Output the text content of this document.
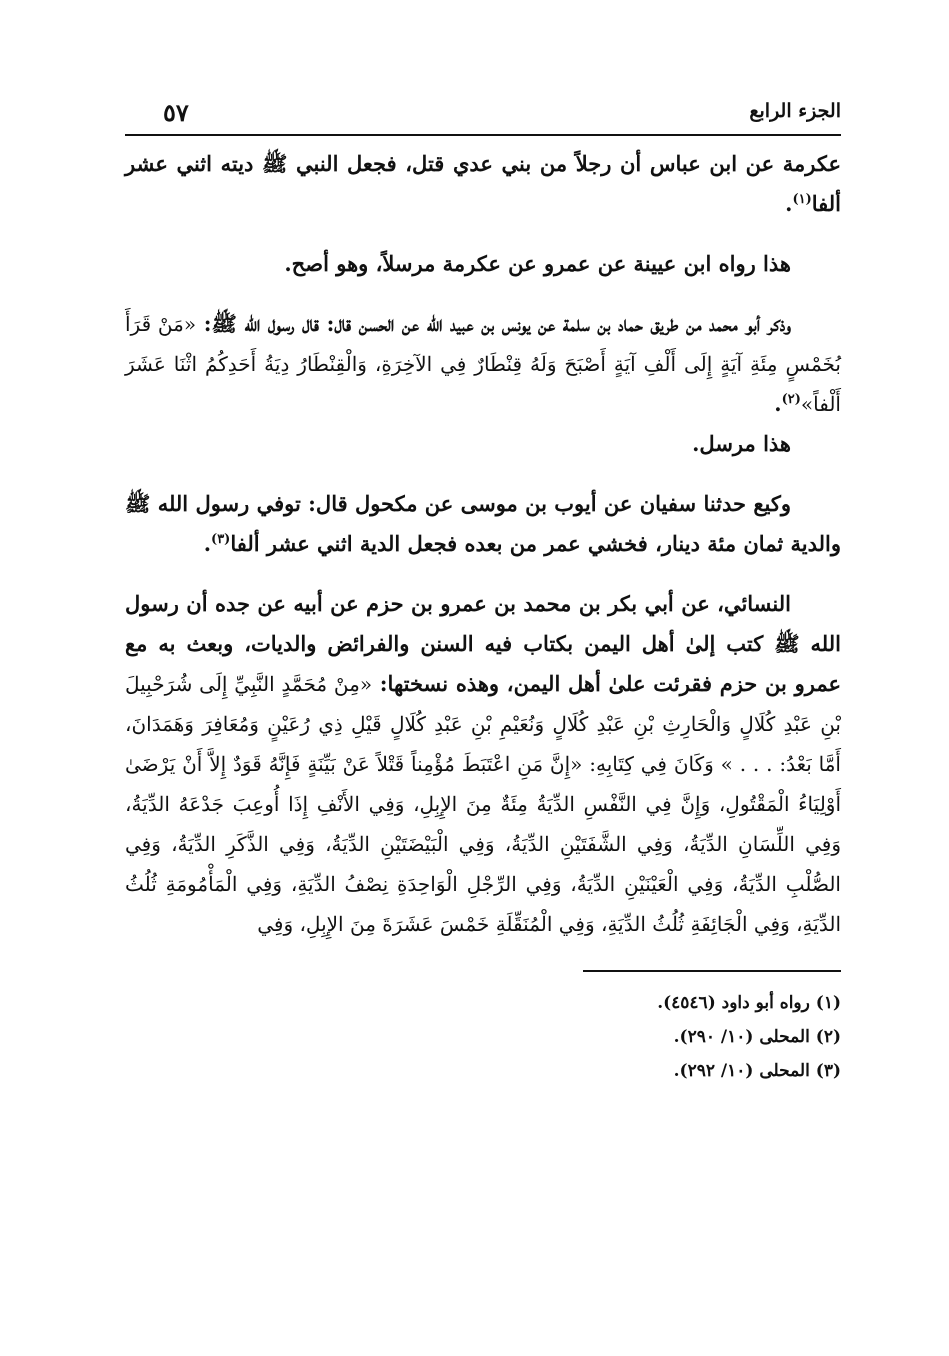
الجزء الرابع
٥٧

عكرمة عن ابن عباس أن رجلاً من بني عدي قتل، فجعل النبي ﷺ ديته اثني عشر ألفا$^{(١)}$.

هذا رواه ابن عيينة عن عمرو عن عكرمة مرسلاً، وهو أصح.

وذكر أبو محمد من طريق حماد بن سلمة عن يونس بن عبيد الله عن الحسن قال: قال رسول الله ﷺ: «مَنْ قَرَأَ بُخَمْسٍ مِئَةِ آيَةٍ إِلَى أَلْفِ آيَةٍ أَصْبَحَ وَلَهُ قِنْطَارٌ فِي الآخِرَةِ، وَالْقِنْطَارُ دِيَةُ أَحَدِكُمُ اثْنَا عَشَرَ أَلْفاً»$^{(٢)}$.

هذا مرسل.

وكيع حدثنا سفيان عن أيوب بن موسى عن مكحول قال: توفي رسول الله ﷺ والدية ثمان مئة دينار، فخشي عمر من بعده فجعل الدية اثني عشر ألفا$^{(٣)}$.

النسائي، عن أبي بكر بن محمد بن عمرو بن حزم عن أبيه عن جده أن رسول الله ﷺ كتب إلىٰ أهل اليمن بكتاب فيه السنن والفرائض والديات، وبعث به مع عمرو بن حزم فقرئت علىٰ أهل اليمن، وهذه نسختها: «مِنْ مُحَمَّدٍ النَّبِيِّ إِلَى شُرَحْبِيلَ بْنِ عَبْدِ كُلَالٍ وَالْحَارِثِ بْنِ عَبْدِ كُلَالٍ وَنُعَيْمِ بْنِ عَبْدِ كُلَالٍ قَيْلِ ذِي رُعَيْنٍ وَمُعَافِرَ وَهَمَدَانَ، أَمَّا بَعْدُ: . . . » وَكَانَ فِي كِتَابِهِ: «إِنَّ مَنِ اعْتَبَطَ مُؤْمِناً قَتْلاً عَنْ بَيِّنَةٍ فَإِنَّهُ قَوَدٌ إِلاَّ أَنْ يَرْضَىٰ أَوْلِيَاءُ الْمَقْتُولِ، وَإِنَّ فِي النَّفْسِ الدِّيَةُ مِئَةٌ مِنَ الإِبِلِ، وَفِي الأَنْفِ إِذَا أُوعِبَ جَدْعَهُ الدِّيَةُ، وَفِي اللِّسَانِ الدِّيَةُ، وَفِي الشَّفَتَيْنِ الدِّيَةُ، وَفِي الْبَيْضَتَيْنِ الدِّيَةُ، وَفِي الذَّكَرِ الدِّيَةُ، وَفِي الصُّلْبِ الدِّيَةُ، وَفِي الْعَيْنَيْنِ الدِّيَةُ، وَفِي الرِّجْلِ الْوَاحِدَةِ نِصْفُ الدِّيَةِ، وَفِي الْمَأْمُومَةِ ثُلُثُ الدِّيَةِ، وَفِي الْجَائِفَةِ ثُلُثُ الدِّيَةِ، وَفِي الْمُنَقِّلَةِ خَمْسَ عَشَرَةَ مِنَ الإِبِلِ، وَفِي

(١) رواه أبو داود (٤٥٤٦).
(٢) المحلى (١٠/ ٢٩٠).
(٣) المحلى (١٠/ ٢٩٢).
